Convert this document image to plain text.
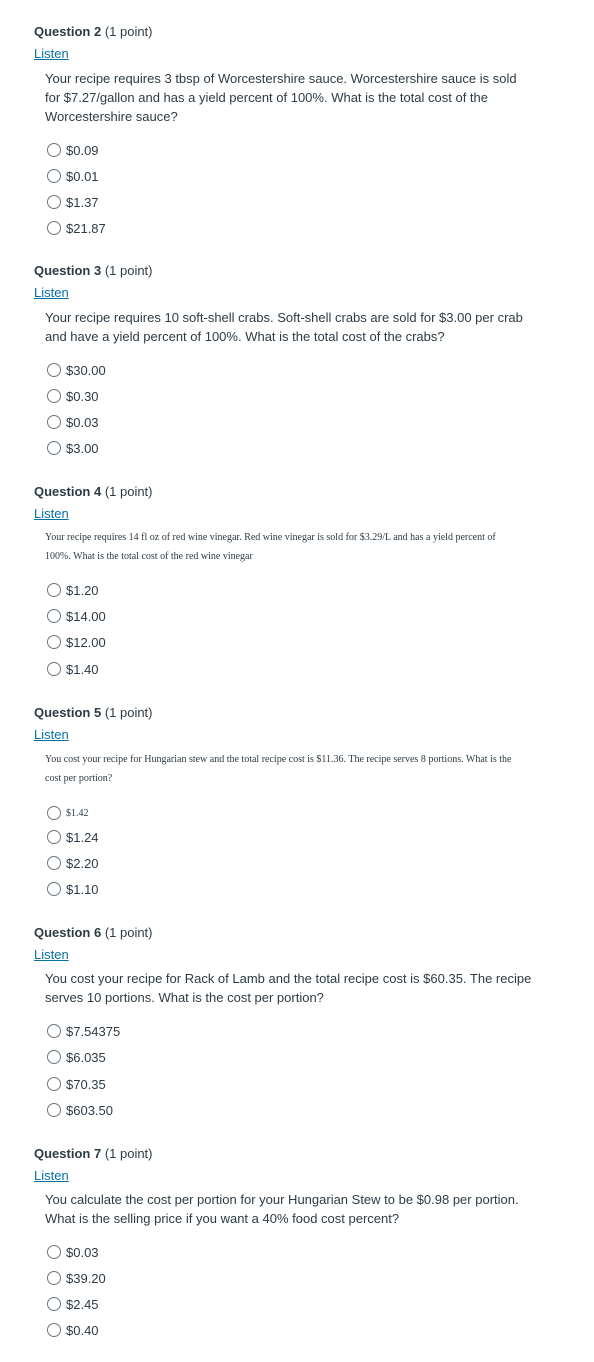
Question 2 (1 point)
Listen
Your recipe requires 3 tbsp of Worcestershire sauce. Worcestershire sauce is sold for $7.27/gallon and has a yield percent of 100%. What is the total cost of the Worcestershire sauce?
$0.09
$0.01
$1.37
$21.87
Question 3 (1 point)
Listen
Your recipe requires 10 soft-shell crabs. Soft-shell crabs are sold for $3.00 per crab and have a yield percent of 100%. What is the total cost of the crabs?
$30.00
$0.30
$0.03
$3.00
Question 4 (1 point)
Listen
Your recipe requires 14 fl oz of red wine vinegar. Red wine vinegar is sold for $3.29/L and has a yield percent of 100%. What is the total cost of the red wine vinegar
$1.20
$14.00
$12.00
$1.40
Question 5 (1 point)
Listen
You cost your recipe for Hungarian stew and the total recipe cost is $11.36. The recipe serves 8 portions. What is the cost per portion?
$1.42
$1.24
$2.20
$1.10
Question 6 (1 point)
Listen
You cost your recipe for Rack of Lamb and the total recipe cost is $60.35. The recipe serves 10 portions. What is the cost per portion?
$7.54375
$6.035
$70.35
$603.50
Question 7 (1 point)
Listen
You calculate the cost per portion for your Hungarian Stew to be $0.98 per portion. What is the selling price if you want a 40% food cost percent?
$0.03
$39.20
$2.45
$0.40
